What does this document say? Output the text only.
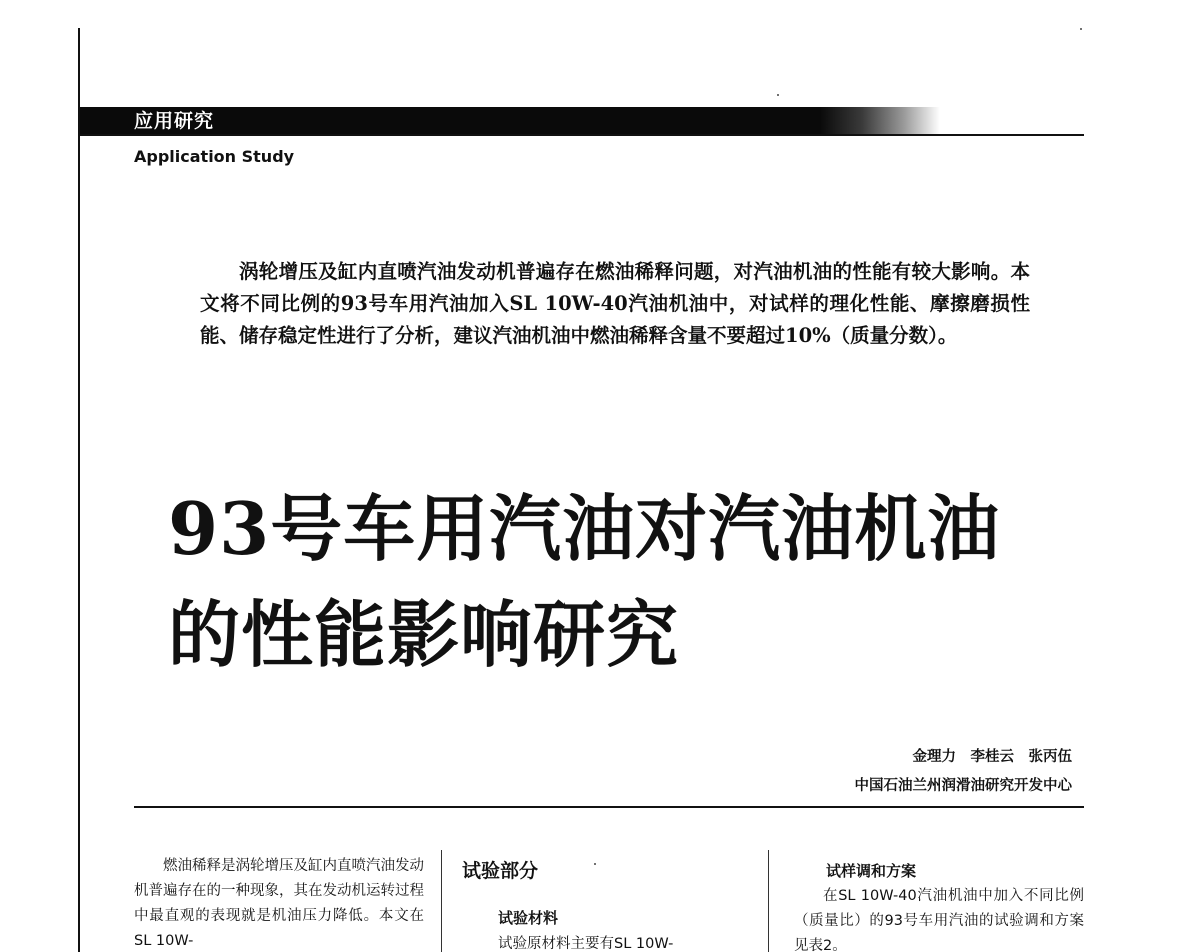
应用研究
Application Study
涡轮增压及缸内直喷汽油发动机普遍存在燃油稀释问题，对汽油机油的性能有较大影响。本文将不同比例的93号车用汽油加入SL 10W-40汽油机油中，对试样的理化性能、摩擦磨损性能、储存稳定性进行了分析，建议汽油机油中燃油稀释含量不要超过10%（质量分数）。
93号车用汽油对汽油机油
的性能影响研究
金理力　李桂云　张丙伍
中国石油兰州润滑油研究开发中心
燃油稀释是涡轮增压及缸内直喷汽油发动机普遍存在的一种现象，其在发动机运转过程中最直观的表现就是机油压力降低。本文在SL 10W-
试验部分
试验材料
试验原材料主要有SL 10W-
试样调和方案
在SL 10W-40汽油机油中加入不同比例（质量比）的93号车用汽油的试验调和方案见表2。
